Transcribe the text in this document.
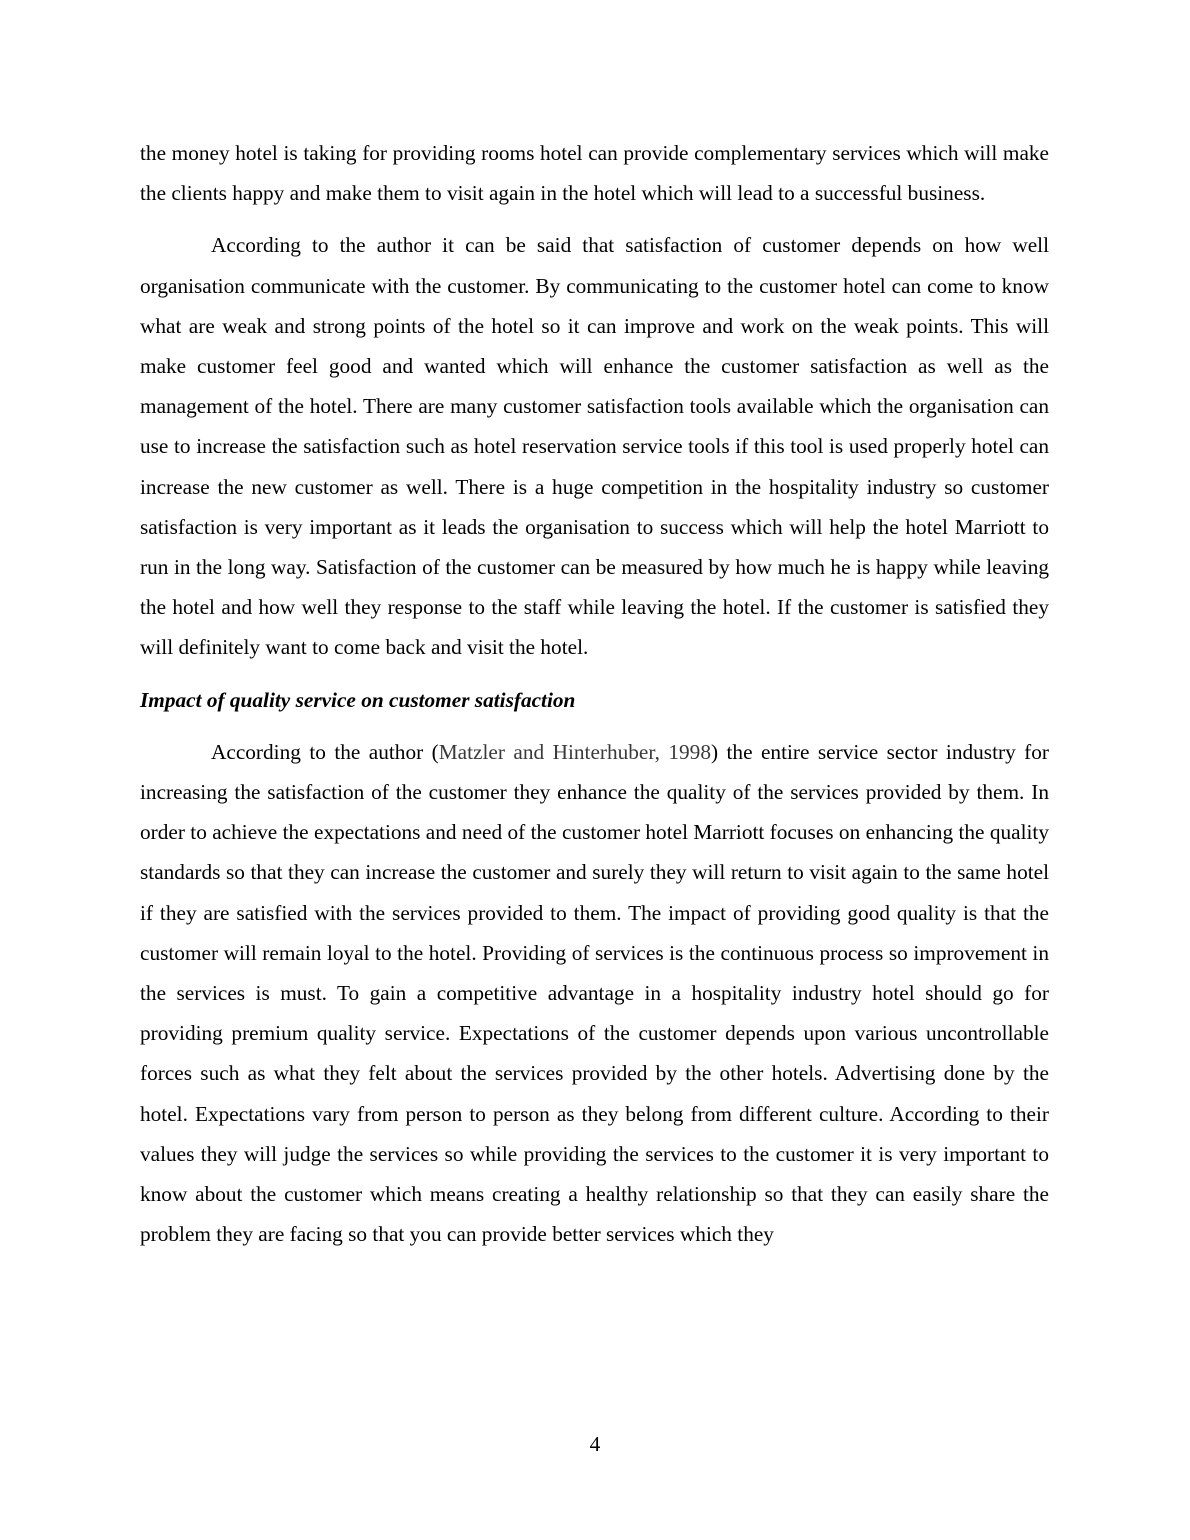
the money hotel is taking for providing rooms hotel can provide complementary services which will make the clients happy and make them to visit again in the hotel which will lead to a successful business.

According to the author it can be said that satisfaction of customer depends on how well organisation communicate with the customer. By communicating to the customer hotel can come to know what are weak and strong points of the hotel so it can improve and work on the weak points. This will make customer feel good and wanted which will enhance the customer satisfaction as well as the management of the hotel. There are many customer satisfaction tools available which the organisation can use to increase the satisfaction such as hotel reservation service tools if this tool is used properly hotel can increase the new customer as well. There is a huge competition in the hospitality industry so customer satisfaction is very important as it leads the organisation to success which will help the hotel Marriott to run in the long way. Satisfaction of the customer can be measured by how much he is happy while leaving the hotel and how well they response to the staff while leaving the hotel. If the customer is satisfied they will definitely want to come back and visit the hotel.

Impact of quality service on customer satisfaction

According to the author (Matzler and Hinterhuber, 1998) the entire service sector industry for increasing the satisfaction of the customer they enhance the quality of the services provided by them. In order to achieve the expectations and need of the customer hotel Marriott focuses on enhancing the quality standards so that they can increase the customer and surely they will return to visit again to the same hotel if they are satisfied with the services provided to them. The impact of providing good quality is that the customer will remain loyal to the hotel. Providing of services is the continuous process so improvement in the services is must. To gain a competitive advantage in a hospitality industry hotel should go for providing premium quality service. Expectations of the customer depends upon various uncontrollable forces such as what they felt about the services provided by the other hotels. Advertising done by the hotel. Expectations vary from person to person as they belong from different culture. According to their values they will judge the services so while providing the services to the customer it is very important to know about the customer which means creating a healthy relationship so that they can easily share the problem they are facing so that you can provide better services which they

4
